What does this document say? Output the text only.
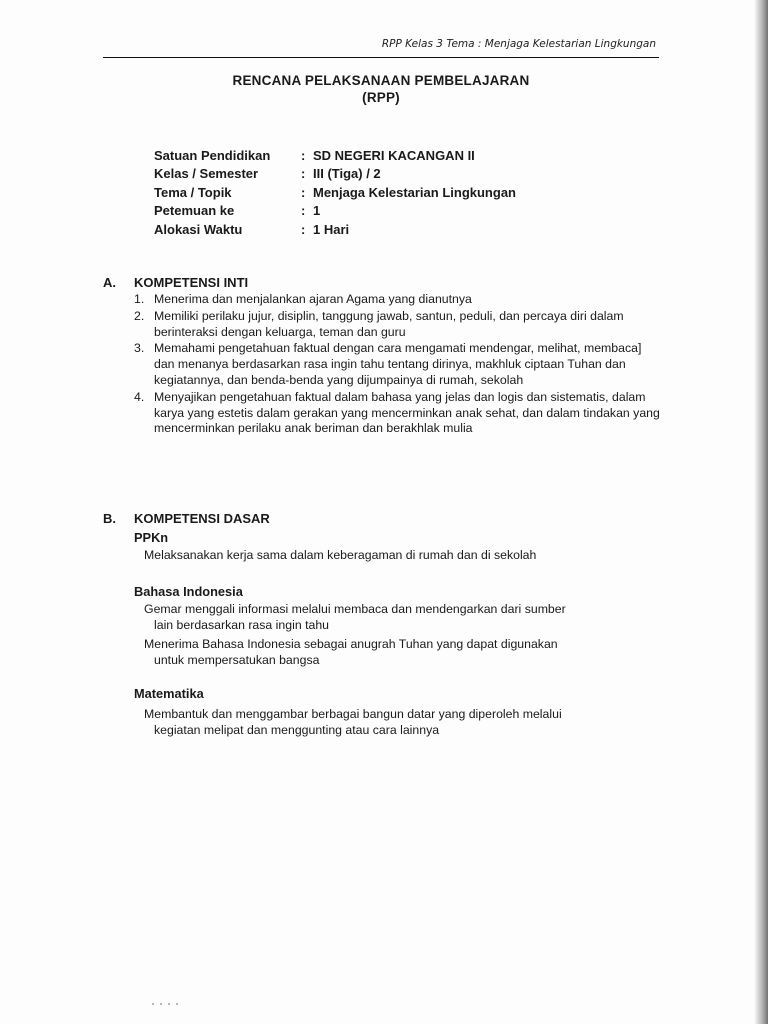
RPP Kelas 3 Tema : Menjaga Kelestarian Lingkungan
RENCANA PELAKSANAAN PEMBELAJARAN
(RPP)
Satuan Pendidikan	: SD NEGERI KACANGAN II
Kelas / Semester	: III (Tiga) / 2
Tema / Topik	: Menjaga Kelestarian Lingkungan
Petemuan ke	: 1
Alokasi Waktu	: 1 Hari
A.	KOMPETENSI INTI
1. Menerima dan menjalankan ajaran Agama yang dianutnya
2. Memiliki perilaku jujur, disiplin, tanggung jawab, santun, peduli, dan percaya diri dalam berinteraksi dengan keluarga, teman dan guru
3. Memahami pengetahuan faktual dengan cara mengamati mendengar, melihat, membaca] dan menanya berdasarkan rasa ingin tahu tentang dirinya, makhluk ciptaan Tuhan dan kegiatannya, dan benda-benda yang dijumpainya di rumah, sekolah
4. Menyajikan pengetahuan faktual dalam bahasa yang jelas dan logis dan sistematis, dalam karya yang estetis dalam gerakan yang mencerminkan anak sehat, dan dalam tindakan yang mencerminkan perilaku anak beriman dan berakhlak mulia
B.	KOMPETENSI DASAR
PPKn
Melaksanakan kerja sama dalam keberagaman di rumah dan di sekolah
Bahasa Indonesia
Gemar menggali informasi melalui membaca dan mendengarkan dari sumber
lain berdasarkan rasa ingin tahu
Menerima Bahasa Indonesia sebagai anugrah Tuhan yang dapat digunakan
untuk mempersatukan bangsa
Matematika
Membantuk dan menggambar berbagai bangun datar yang diperoleh melalui
kegiatan melipat dan menggunting atau cara lainnya
